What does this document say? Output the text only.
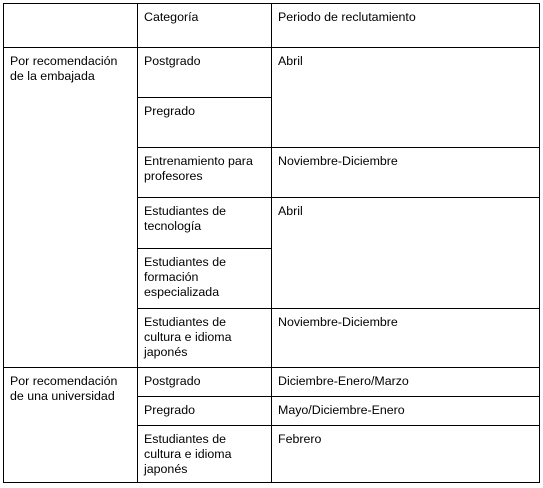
	Categoría	Periodo de reclutamiento
Por recomendación de la embajada	Postgrado	Abril
	Pregrado	
	Entrenamiento para profesores	Noviembre-Diciembre
	Estudiantes de tecnología	Abril
	Estudiantes de formación especializada	
	Estudiantes de cultura e idioma japonés	Noviembre-Diciembre
Por recomendación de una universidad	Postgrado	Diciembre-Enero/Marzo
	Pregrado	Mayo/Diciembre-Enero
	Estudiantes de cultura e idioma japonés	Febrero
